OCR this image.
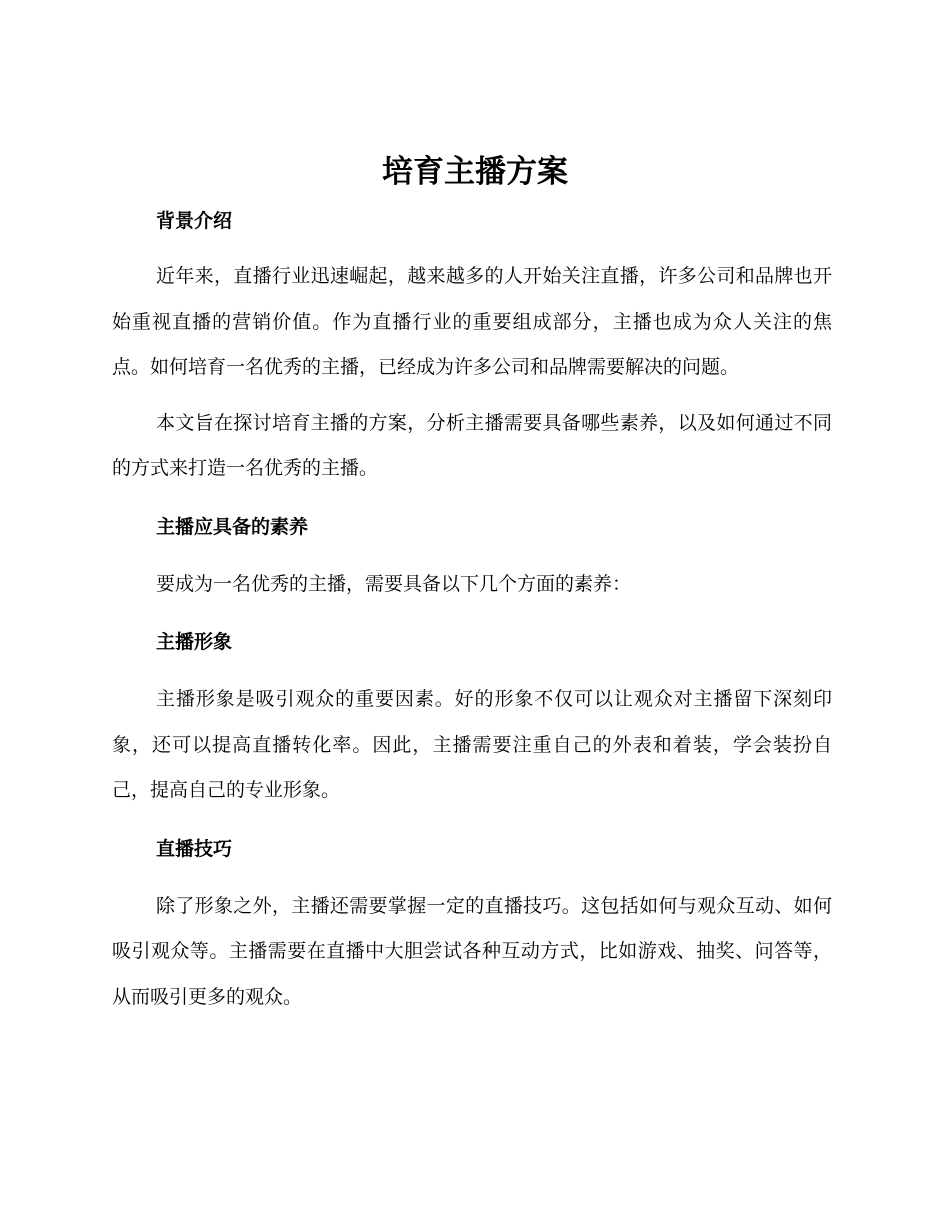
培育主播方案
背景介绍

近年来，直播行业迅速崛起，越来越多的人开始关注直播，许多公司和品牌也开始重视直播的营销价值。作为直播行业的重要组成部分，主播也成为众人关注的焦点。如何培育一名优秀的主播，已经成为许多公司和品牌需要解决的问题。

本文旨在探讨培育主播的方案，分析主播需要具备哪些素养，以及如何通过不同的方式来打造一名优秀的主播。

主播应具备的素养

要成为一名优秀的主播，需要具备以下几个方面的素养：

主播形象

主播形象是吸引观众的重要因素。好的形象不仅可以让观众对主播留下深刻印象，还可以提高直播转化率。因此，主播需要注重自己的外表和着装，学会装扮自己，提高自己的专业形象。

直播技巧

除了形象之外，主播还需要掌握一定的直播技巧。这包括如何与观众互动、如何吸引观众等。主播需要在直播中大胆尝试各种互动方式，比如游戏、抽奖、问答等，从而吸引更多的观众。
